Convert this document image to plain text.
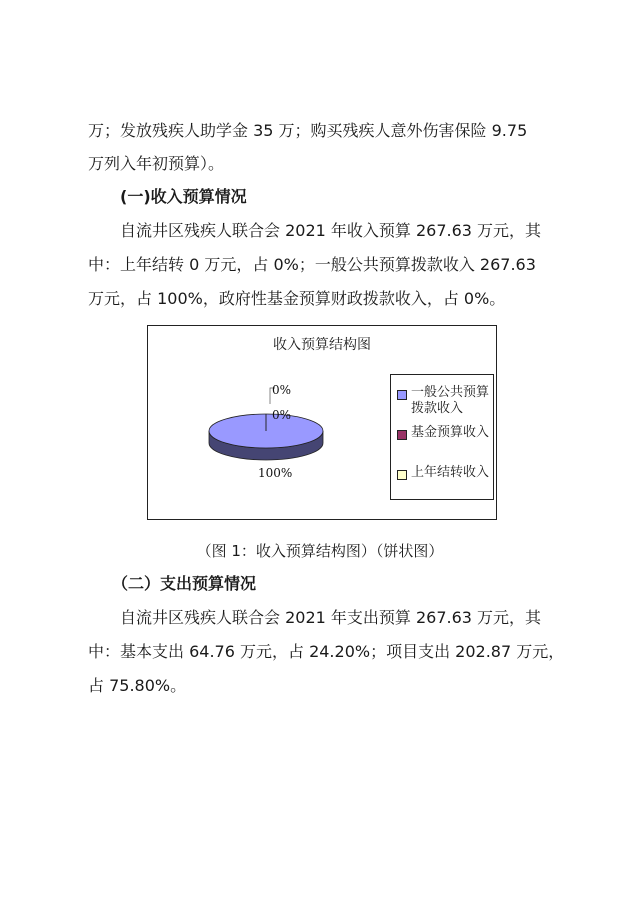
万；发放残疾人助学金 35 万；购买残疾人意外伤害保险 9.75
万列入年初预算）。
(一)收入预算情况
自流井区残疾人联合会 2021 年收入预算 267.63 万元，其
中：上年结转 0 万元，占 0%；一般公共预算拨款收入 267.63
万元，占 100%，政府性基金预算财政拨款收入，占 0%。
收入预算结构图
100%
0%
0%
一般公共预算拨款收入
基金预算收入
上年结转收入
（图 1：收入预算结构图）（饼状图）
（二）支出预算情况
自流井区残疾人联合会 2021 年支出预算 267.63 万元，其
中：基本支出 64.76 万元，占 24.20%；项目支出 202.87 万元，
占 75.80%。
